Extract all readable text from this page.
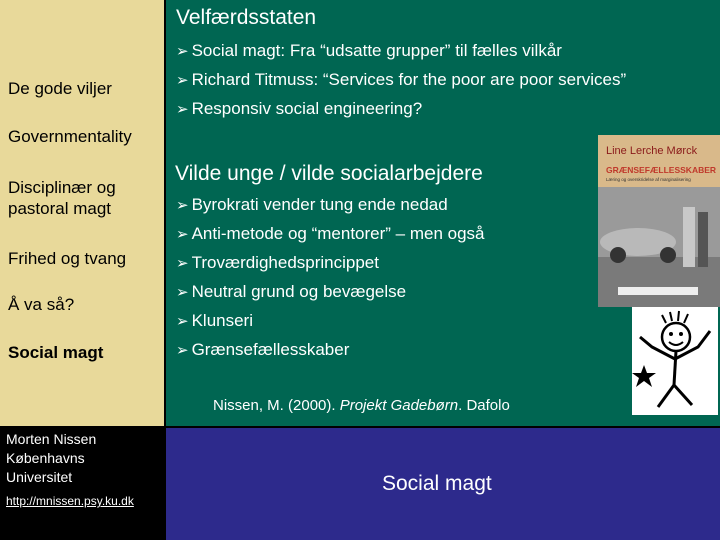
Velfærdsstaten
De gode viljer
Governmentality
Disciplinær og pastoral magt
Frihed og tvang
Å va så?
Social magt
➢ Social magt: Fra “udsatte grupper” til fælles vilkår
➢ Richard Titmuss: “Services for the poor are poor services”
➢ Responsiv social engineering?
Vilde unge / vilde socialarbejdere
➢ Byrokrati vender tung ende nedad
➢ Anti-metode og “mentorer” – men også
➢ Troværdighedsprincippet
➢ Neutral grund og bevægelse
➢ Klunseri
➢ Grænsefællesskaber
Nissen, M. (2000). Projekt Gadebørn. Dafolo
Line Lerche Mørck
GRÆNSEFÆLLESSKABER
Læring og overskridelse af marginalisering
Morten Nissen
Københavns
Universitet
http://mnissen.psy.ku.dk
Social magt
